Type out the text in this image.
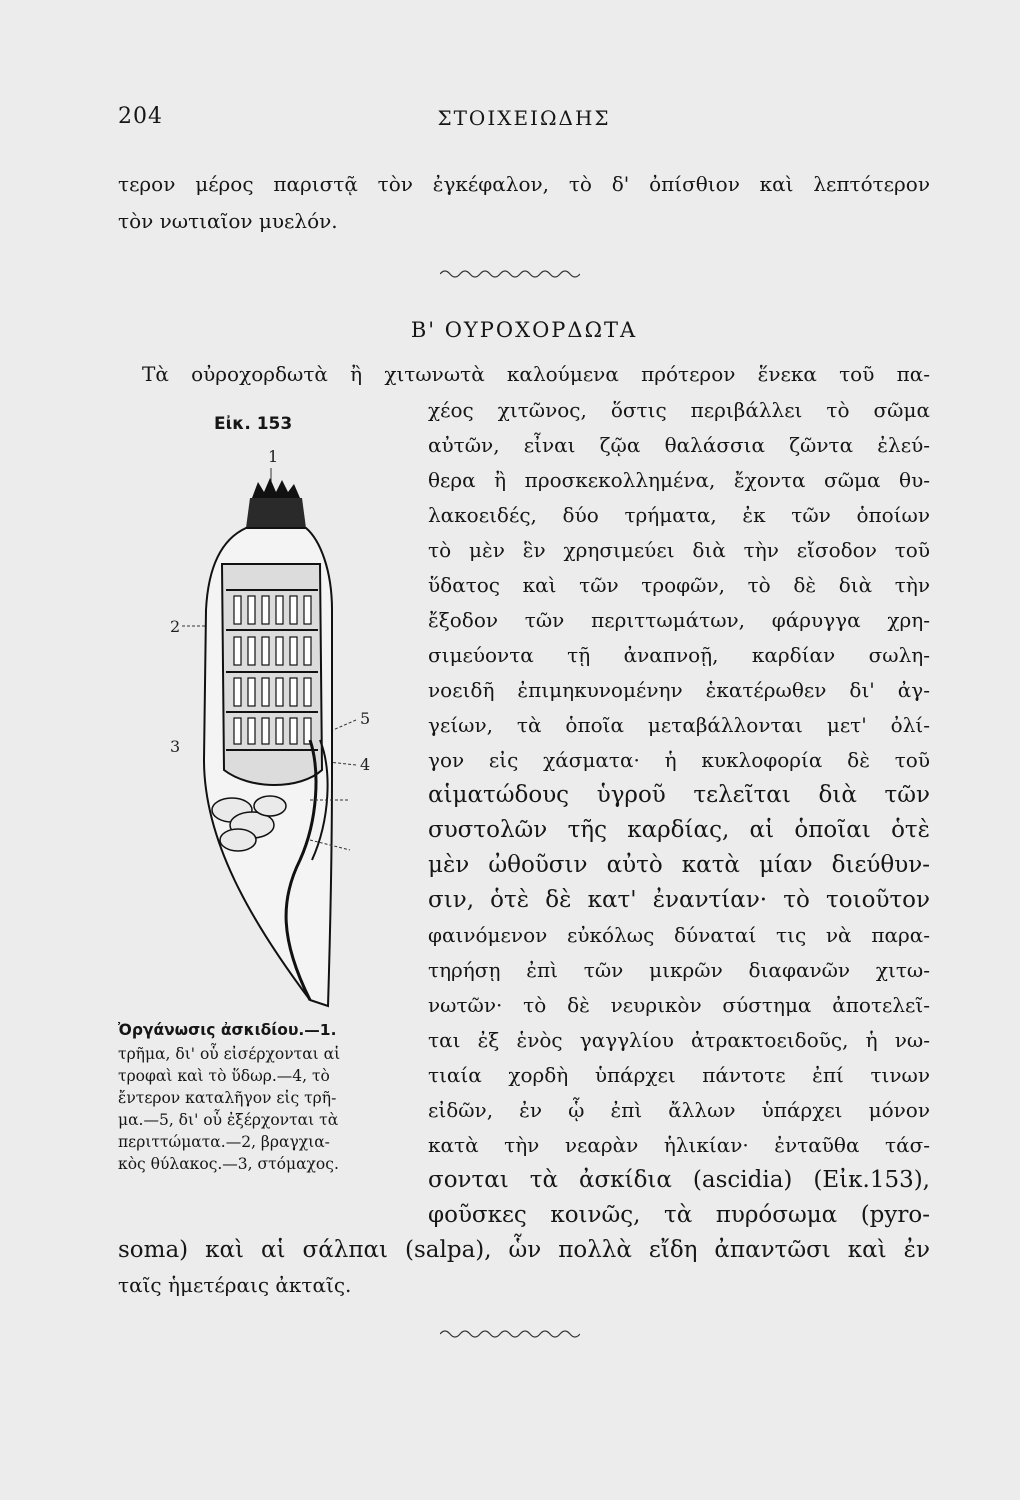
204	ΣΤΟΙΧΕΙΩΔΗΣ
τερον μέρος παριστᾷ τὸν ἐγκέφαλον, τὸ δ' ὀπίσθιον καὶ λεπτότερον
τὸν νωτιαῖον μυελόν.
Β' ΟΥΡΟΧΟΡΔΩΤΑ
Τὰ οὐροχορδωτὰ ἢ χιτωνωτὰ καλούμενα πρότερον ἕνεκα τοῦ πα-
χέος χιτῶνος, ὅστις περιβάλλει τὸ σῶμα
αὐτῶν, εἶναι ζῷα θαλάσσια ζῶντα ἐλεύ-
θερα ἢ προσκεκολλημένα, ἔχοντα σῶμα θυ-
λακοειδές, δύο τρήματα, ἐκ τῶν ὁποίων
τὸ μὲν ἓν χρησιμεύει διὰ τὴν εἴσοδον τοῦ
ὕδατος καὶ τῶν τροφῶν, τὸ δὲ διὰ τὴν
ἔξοδον τῶν περιττωμάτων, φάρυγγα χρη-
σιμεύοντα τῇ ἀναπνοῇ, καρδίαν σωλη-
νοειδῆ ἐπιμηκυνομένην ἑκατέρωθεν δι' ἀγ-
γείων, τὰ ὁποῖα μεταβάλλονται μετ' ὀλί-
γον εἰς χάσματα· ἡ κυκλοφορία δὲ τοῦ
αἱματώδους ὑγροῦ τελεῖται διὰ τῶν
συστολῶν τῆς καρδίας, αἱ ὁποῖαι ὁτὲ
μὲν ὠθοῦσιν αὐτὸ κατὰ μίαν διεύθυν-
σιν, ὁτὲ δὲ κατ' ἐναντίαν· τὸ τοιοῦτον
φαινόμενον εὐκόλως δύναταί τις νὰ παρα-
τηρήσῃ ἐπὶ τῶν μικρῶν διαφανῶν χιτω-
νωτῶν· τὸ δὲ νευρικὸν σύστημα ἀποτελεῖ-
ται ἐξ ἑνὸς γαγγλίου ἀτρακτοειδοῦς, ἡ νω-
τιαία χορδὴ ὑπάρχει πάντοτε ἐπί τινων
εἰδῶν, ἐν ᾧ ἐπὶ ἄλλων ὑπάρχει μόνον
κατὰ τὴν νεαρὰν ἡλικίαν· ἐνταῦθα τάσ-
σονται τὰ ἀσκίδια (ascidia) (Εἰκ.153),
φοῦσκες κοινῶς, τὰ πυρόσωμα (pyro-
soma) καὶ αἱ σάλπαι (salpa), ὧν πολλὰ εἴδη ἀπαντῶσι καὶ ἐν
ταῖς ἡμετέραις ἀκταῖς.
Εἰκ. 153
1
2
3
5
4
Ὀργάνωσις ἀσκιδίου.—1.
τρῆμα, δι' οὗ εἰσέρχονται αἱ
τροφαὶ καὶ τὸ ὕδωρ.—4, τὸ
ἔντερον καταλῆγον εἰς τρῆ-
μα.—5, δι' οὗ ἐξέρχονται τὰ
περιττώματα.—2, βραγχια-
κὸς θύλακος.—3, στόμαχος.
